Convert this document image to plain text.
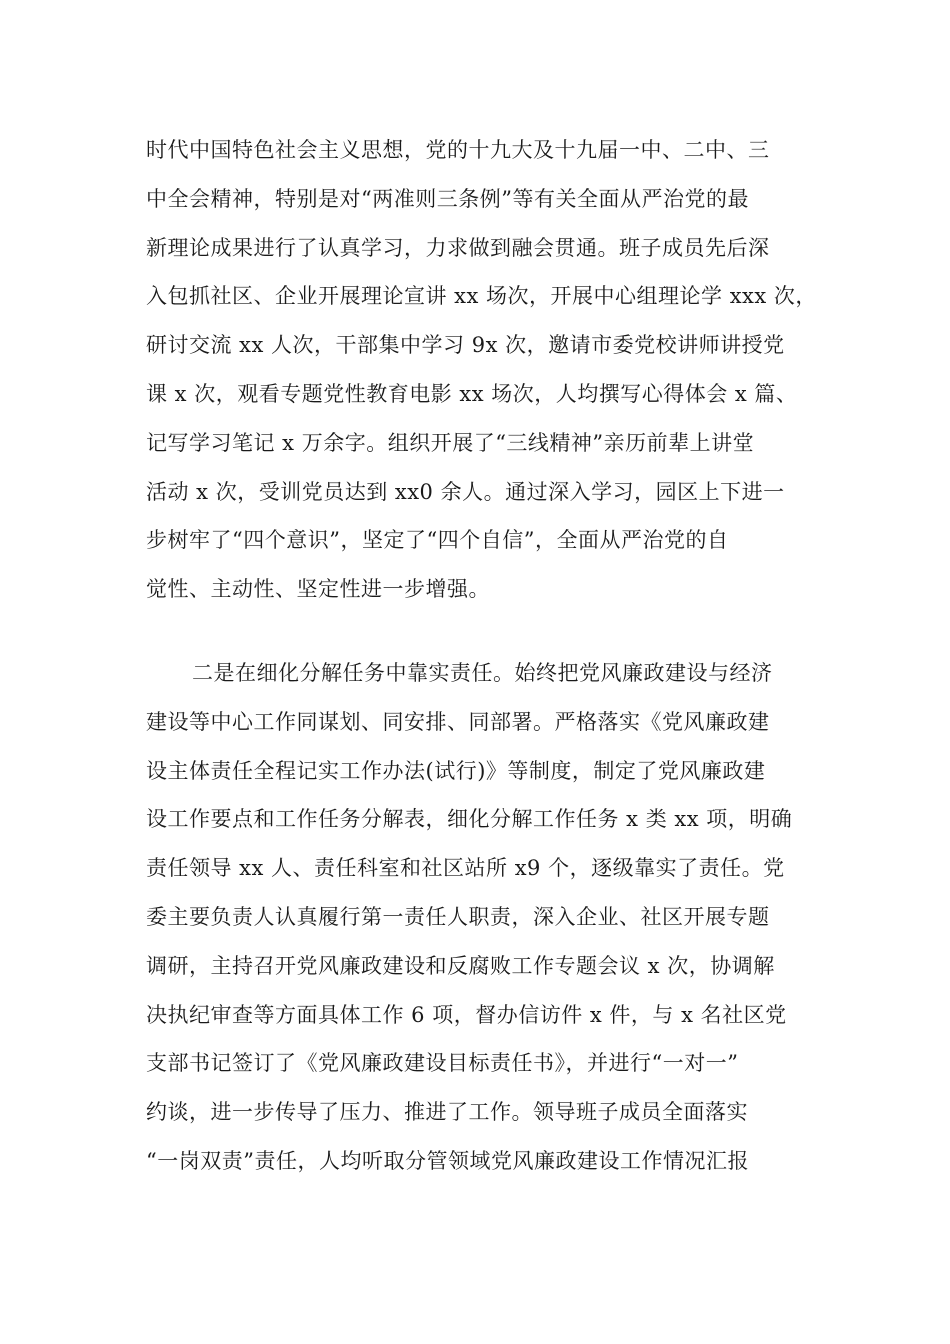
时代中国特色社会主义思想，党的十九大及十九届一中、二中、三
中全会精神，特别是对“两准则三条例”等有关全面从严治党的最
新理论成果进行了认真学习，力求做到融会贯通。班子成员先后深
入包抓社区、企业开展理论宣讲 xx 场次，开展中心组理论学 xxx 次，
研讨交流 xx 人次，干部集中学习 9x 次，邀请市委党校讲师讲授党
课 x 次，观看专题党性教育电影 xx 场次，人均撰写心得体会 x 篇、
记写学习笔记 x 万余字。组织开展了“三线精神”亲历前辈上讲堂
活动 x 次，受训党员达到 xx0 余人。通过深入学习，园区上下进一
步树牢了“四个意识”，坚定了“四个自信”，全面从严治党的自
觉性、主动性、坚定性进一步增强。
二是在细化分解任务中靠实责任。始终把党风廉政建设与经济
建设等中心工作同谋划、同安排、同部署。严格落实《党风廉政建
设主体责任全程记实工作办法(试行)》等制度，制定了党风廉政建
设工作要点和工作任务分解表，细化分解工作任务 x 类 xx 项，明确
责任领导 xx 人、责任科室和社区站所 x9 个，逐级靠实了责任。党
委主要负责人认真履行第一责任人职责，深入企业、社区开展专题
调研，主持召开党风廉政建设和反腐败工作专题会议 x 次，协调解
决执纪审查等方面具体工作 6 项，督办信访件 x 件，与 x 名社区党
支部书记签订了《党风廉政建设目标责任书》，并进行“一对一”
约谈，进一步传导了压力、推进了工作。领导班子成员全面落实
“一岗双责”责任，人均听取分管领域党风廉政建设工作情况汇报
